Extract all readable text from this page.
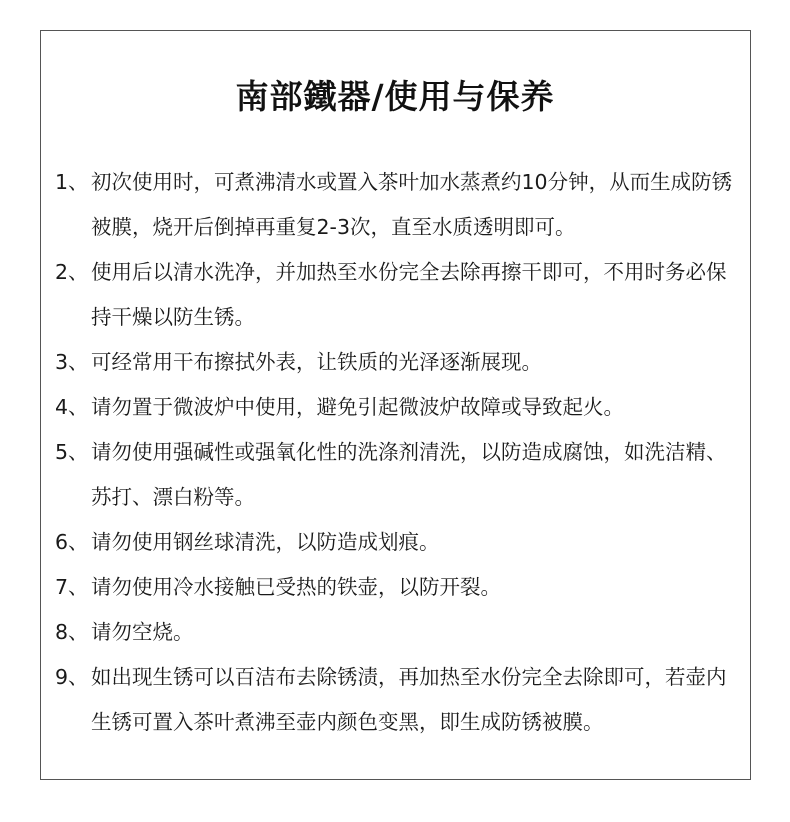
南部鐵器/使用与保养
1、 初次使用时，可煮沸清水或置入茶叶加水蒸煮约10分钟，从而生成防锈被膜，烧开后倒掉再重复2-3次，直至水质透明即可。
2、 使用后以清水洗净，并加热至水份完全去除再擦干即可，不用时务必保持干燥以防生锈。
3、 可经常用干布擦拭外表，让铁质的光泽逐渐展现。
4、 请勿置于微波炉中使用，避免引起微波炉故障或导致起火。
5、 请勿使用强碱性或强氧化性的洗涤剂清洗，以防造成腐蚀，如洗洁精、苏打、漂白粉等。
6、 请勿使用钢丝球清洗，以防造成划痕。
7、 请勿使用冷水接触已受热的铁壶，以防开裂。
8、 请勿空烧。
9、 如出现生锈可以百洁布去除锈渍，再加热至水份完全去除即可，若壶内生锈可置入茶叶煮沸至壶内颜色变黑，即生成防锈被膜。
